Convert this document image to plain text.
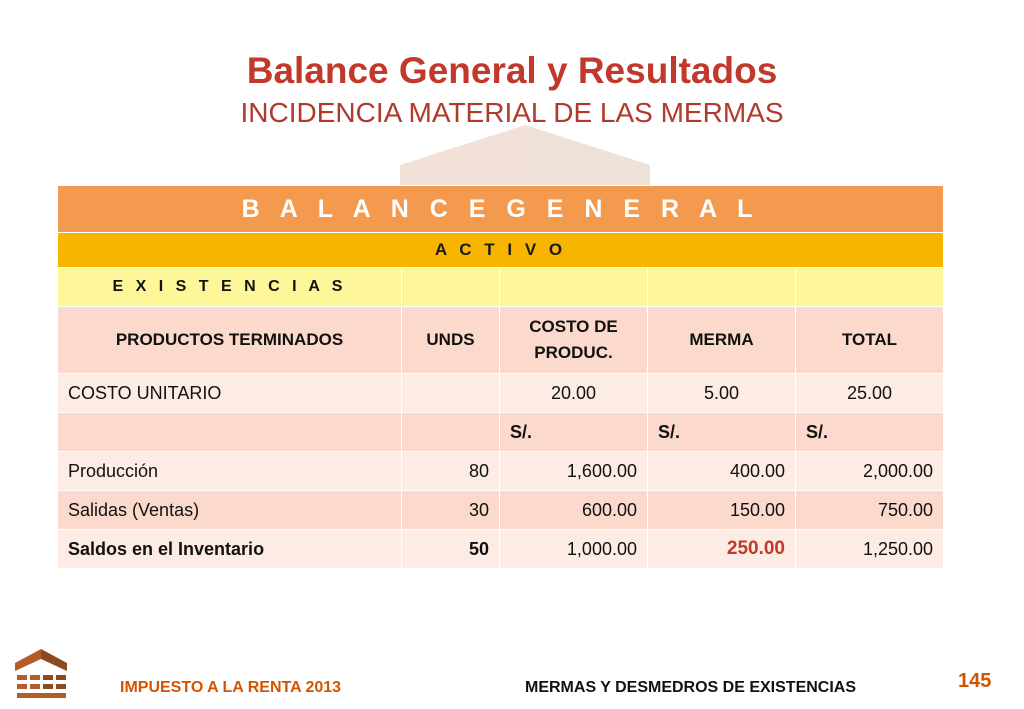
Balance General y Resultados
INCIDENCIA MATERIAL DE LAS MERMAS
B A L A N C E G E N E R A L				
A C T I V O				
E X I S T E N C I A S				
PRODUCTOS TERMINADOS	UNDS	COSTO DE PRODUC.	MERMA	TOTAL
COSTO UNITARIO		20.00	5.00	25.00
		S/.	S/.	S/.
Producción	80	1,600.00	400.00	2,000.00
Salidas (Ventas)	30	600.00	150.00	750.00
Saldos en el Inventario	50	1,000.00	250.00	1,250.00
IMPUESTO A LA RENTA 2013	MERMAS Y DESMEDROS DE EXISTENCIAS	145
